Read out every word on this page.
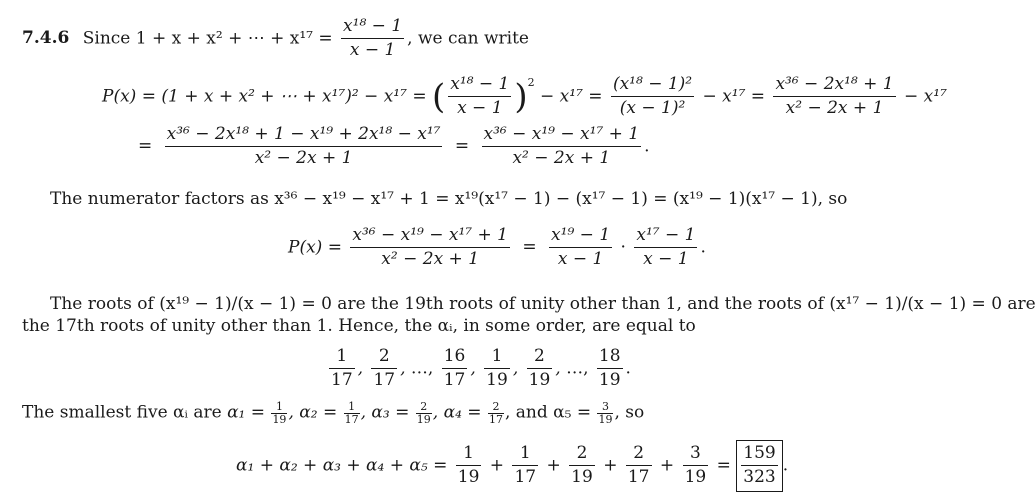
7.4.6 Since 1 + x + x² + ⋯ + $x^{17} = \frac{\text{x¹⁸ − 1}}{x - 1}$ , we can write
P(x) = (1 + x + x² + ⋯ + x¹⁷)² − x¹⁷ = ( $\frac{\text{x¹⁸ − 1}}{x - 1} )^2 - x^{17} = \frac{\text{(x¹⁸ − 1)²}}{\text{(x − 1)²}} - x^{17} = \frac{\text{x³⁶ − 2x¹⁸ + 1}}{\text{x² − 2x + 1}} - x^{17}$
= $\frac{\text{x³⁶ − 2x¹⁸ + 1 − x¹⁹ + 2x¹⁸ − x¹⁷}}{\text{x² − 2x + 1}} = \frac{\text{x³⁶ − x¹⁹ − x¹⁷ + 1}}{\text{x² − 2x + 1}}$ .
The numerator factors as x³⁶ − x¹⁹ − x¹⁷ + 1 = x¹⁹(x¹⁷ − 1) − (x¹⁷ − 1) = (x¹⁹ − 1)(x¹⁷ − 1), so
$P(x) = \frac{\text{x³⁶ − x¹⁹ − x¹⁷ + 1}}{\text{x² − 2x + 1}} = \frac{\text{x¹⁹ − 1}}{x - 1} \cdot \frac{\text{x¹⁷ − 1}}{x - 1}$ .
The roots of (x¹⁹ − 1)/(x − 1) = 0 are the 19th roots of unity other than 1, and the roots of (x¹⁷ − 1)/(x − 1) = 0 are
the 17th roots of unity other than 1. Hence, the αᵢ, in some order, are equal to
$\frac{1}{17}$ , $\frac{2}{17}$ , …, $\frac{16}{17}$ , $\frac{1}{19}$ , $\frac{2}{19}$ , …, $\frac{18}{19}$ .
The smallest five αᵢ are $\alpha_1 = \frac{1}{19}$ , $\alpha_2 = \frac{1}{17}$ , $\alpha_3 = \frac{2}{19}$ , $\alpha_4 = \frac{2}{17}$ , and $\alpha_5 = \frac{3}{19}$ , so
$\alpha_1 + \alpha_2 + \alpha_3 + \alpha_4 + \alpha_5 = \frac{1}{19} + \frac{1}{17} + \frac{2}{19} + \frac{2}{17} + \frac{3}{19} = \frac{159}{323}$ .
